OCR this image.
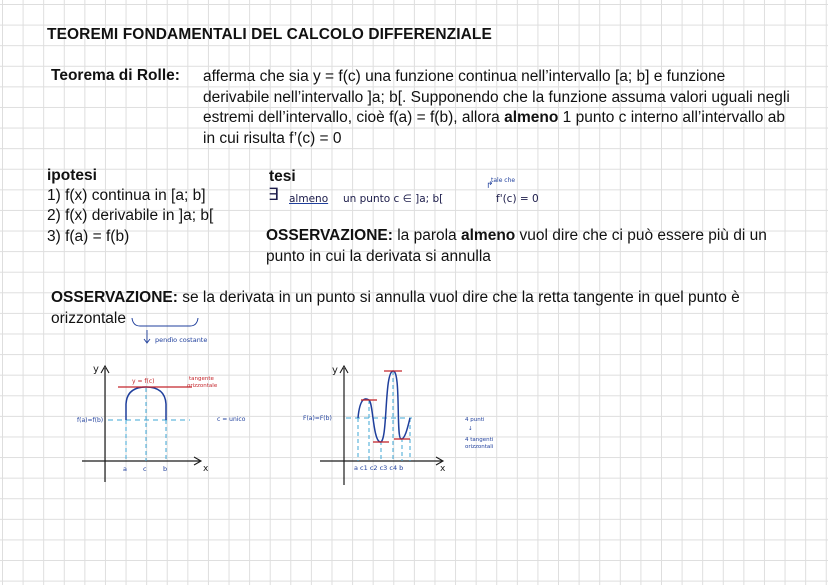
TEOREMI FONDAMENTALI DEL CALCOLO DIFFERENZIALE
Teorema di Rolle: afferma che sia y = f(c) una funzione continua nell’intervallo [a; b] e funzione derivabile nell’intervallo ]a; b[. Supponendo che la funzione assuma valori uguali negli estremi dell’intervallo, cioè f(a) = f(b), allora almeno 1 punto c interno all’intervallo ab in cui risulta f’(c) = 0
ipotesi
1) f(x) continua in [a; b]
2) f(x) derivabile in ]a; b[
3) f(a) = f(b)
tesi
∃ almeno un punto c ∈ ]a; b[
tale che
↱
f'(c) = 0
OSSERVAZIONE: la parola almeno vuol dire che ci può essere più di un punto in cui la derivata si annulla
OSSERVAZIONE: se la derivata in un punto si annulla vuol dire che la retta tangente in quel punto è orizzontale
pendìo costante
y
x
y = f(c)	tangente
orizzontale
f(a)=f(b)
a c	b
c = unico
y
x
F(a)=F(b)
a c1 c2 c3 c4 b
4 punti
↓
4 tangenti
orizzontali
